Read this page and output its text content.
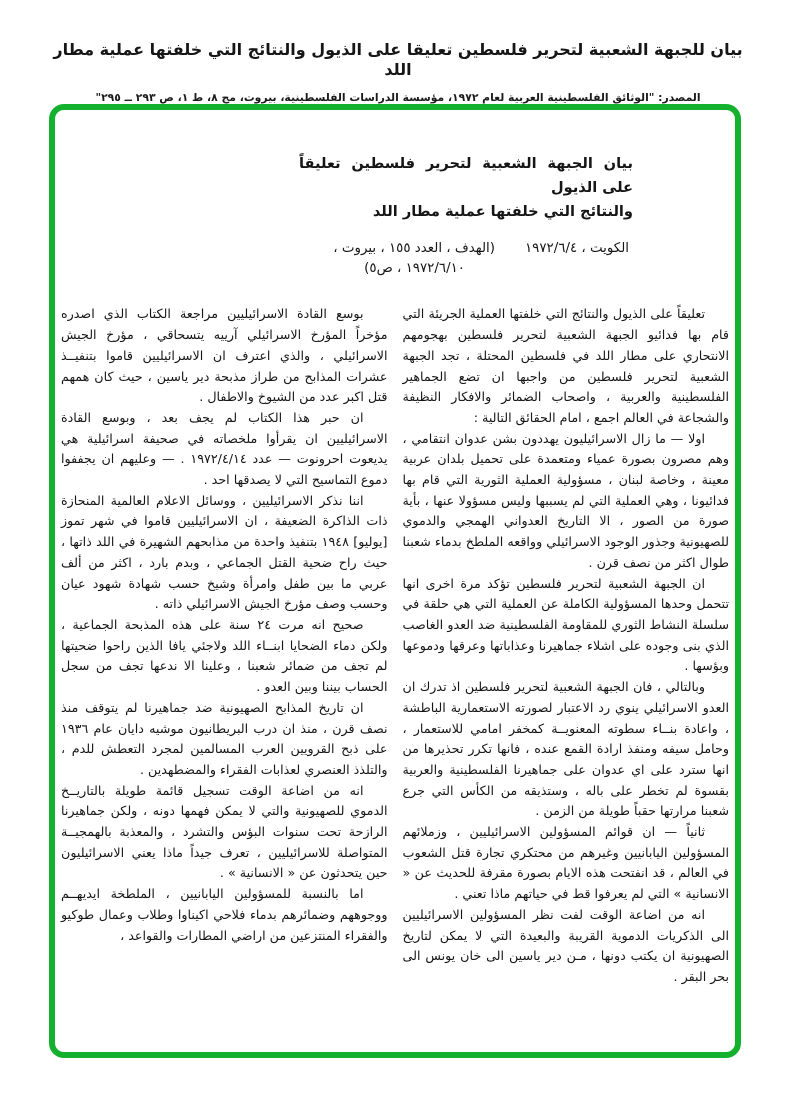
بيان للجبهة الشعبية لتحرير فلسطين تعليقا على الذيول والنتائج التي خلفتها عملية مطار اللد
المصدر: "الوثائق الفلسطينية العربية لعام ١٩٧٢، مؤسسة الدراسات الفلسطينية، بيروت، مج ٨، ط ١، ص ٢٩٣ ــ ٢٩٥"
بيان الجبهة الشعبية لتحرير فلسطين تعليقاً على الذيول
والنتائج التي خلفتها عملية مطار اللد
الكويت ، ١٩٧٢/٦/٤
(الهدف ، العدد ١٥٥ ، بيروت ،
١٩٧٢/٦/١٠ ، ص٥)

تعليقاً على الذيول والنتائج التي خلفتها العملية الجريئة التي قام بها فدائيو الجبهة الشعبية لتحرير فلسطين بهجومهم الانتحاري على مطار اللد في فلسطين المحتلة ، تجد الجبهة الشعبية لتحرير فلسطين من واجبها ان تضع الجماهير الفلسطينية والعربية ، واصحاب الضمائر والافكار النظيفة والشجاعة في العالم اجمع ، امام الحقائق التالية :

اولا — ما زال الاسرائيليون يهددون بشن عدوان انتقامي ، وهم مصرون بصورة عمياء ومتعمدة على تحميل بلدان عربية معينة ، وخاصة لبنان ، مسؤولية العملية الثورية التي قام بها فدائيونا ، وهي العملية التي لم يسببها وليس مسؤولا عنها ، بأية صورة من الصور ، الا التاريخ العدواني الهمجي والدموي للصهيونية وجذور الوجود الاسرائيلي وواقعه الملطخ بدماء شعبنا طوال اكثر من نصف قرن .

ان الجبهة الشعبية لتحرير فلسطين تؤكد مرة اخرى انها تتحمل وحدها المسؤولية الكاملة عن العملية التي هي حلقة في سلسلة النشاط الثوري للمقاومة الفلسطينية ضد العدو الغاصب الذي بنى وجوده على اشلاء جماهيرنا وعذاباتها وعرقها ودموعها وبؤسها .

وبالتالي ، فان الجبهة الشعبية لتحرير فلسطين اذ تدرك ان العدو الاسرائيلي ينوي رد الاعتبار لصورته الاستعمارية الباطشة ، واعادة بنــاء سطوته المعنويــة كمخفر امامي للاستعمار ، وحامل سيفه ومنفذ ارادة القمع عنده ، فانها تكرر تحذيرها من انها سترد على اي عدوان على جماهيرنا الفلسطينية والعربية بقسوة لم تخطر على باله ، وستذيقه من الكأس التي جرع شعبنا مرارتها حقباً طويلة من الزمن .

ثانياً — ان قوائم المسؤولين الاسرائيليين ، وزملائهم المسؤولين اليابانيين وغيرهم من محتكري تجارة قتل الشعوب في العالم ، قد انفتحت هذه الايام بصورة مقرفة للحديث عن « الانسانية » التي لم يعرفوا قط في حياتهم ماذا تعني .

انه من اضاعة الوقت لفت نظر المسؤولين الاسرائيليين الى الذكريات الدموية القريبة والبعيدة التي لا يمكن لتاريخ الصهيونية ان يكتب دونها ، مـن دير ياسين الى خان يونس الى بحر البقر .

بوسع القادة الاسرائيليين مراجعة الكتاب الذي اصدره مؤخراً المؤرخ الاسرائيلي آرييه يتسحاقي ، مؤرخ الجيش الاسرائيلي ، والذي اعترف ان الاسرائيليين قاموا بتنفيــذ عشرات المذابح من طراز مذبحة دير ياسين ، حيث كان همهم قتل اكبر عدد من الشيوخ والاطفال .

ان حبر هذا الكتاب لم يجف بعد ، وبوسع القادة الاسرائيليين ان يقرأوا ملخصاته في صحيفة اسرائيلية هي يديعوت احرونوت — عدد ١٩٧٢/٤/١٤ . — وعليهم ان يجففوا دموع التماسيح التي لا يصدقها احد .

اننا نذكر الاسرائيليين ، ووسائل الاعلام العالمية المنحازة ذات الذاكرة الضعيفة ، ان الاسرائيليين قاموا في شهر تموز [يوليو] ١٩٤٨ بتنفيذ واحدة من مذابحهم الشهيرة في اللد ذاتها ، حيث راح ضحية القتل الجماعي ، وبدم بارد ، اكثر من ألف عربي ما بين طفل وامرأة وشيخ حسب شهادة شهود عيان وحسب وصف مؤرخ الجيش الاسرائيلي ذاته .

صحيح انه مرت ٢٤ سنة على هذه المذبحة الجماعية ، ولكن دماء الضحايا ابنــاء اللد ولاجئي يافا الذين راحوا ضحيتها لم تجف من ضمائر شعبنا ، وعلينا الا ندعها تجف من سجل الحساب بيننا وبين العدو .

ان تاريخ المذابح الصهيونية ضد جماهيرنا لم يتوقف منذ نصف قرن ، منذ ان درب البريطانيون موشيه دايان عام ١٩٣٦ على ذبح القرويين العرب المسالمين لمجرد التعطش للدم ، والتلذذ العنصري لعذابات الفقراء والمضطهدين .

انه من اضاعة الوقت تسجيل قائمة طويلة بالتاريــخ الدموي للصهيونية والتي لا يمكن فهمها دونه ، ولكن جماهيرنا الرازحة تحت سنوات البؤس والتشرد ، والمعذبة بالهمجيــة المتواصلة للاسرائيليين ، تعرف جيداً ماذا يعني الاسرائيليون حين يتحدثون عن « الانسانية » .

اما بالنسبة للمسؤولين اليابانيين ، الملطخة ايديهــم ووجوههم وضمائرهم بدماء فلاحي اكيناوا وطلاب وعمال طوكيو والفقراء المنتزعين من اراضي المطارات والقواعد ،
